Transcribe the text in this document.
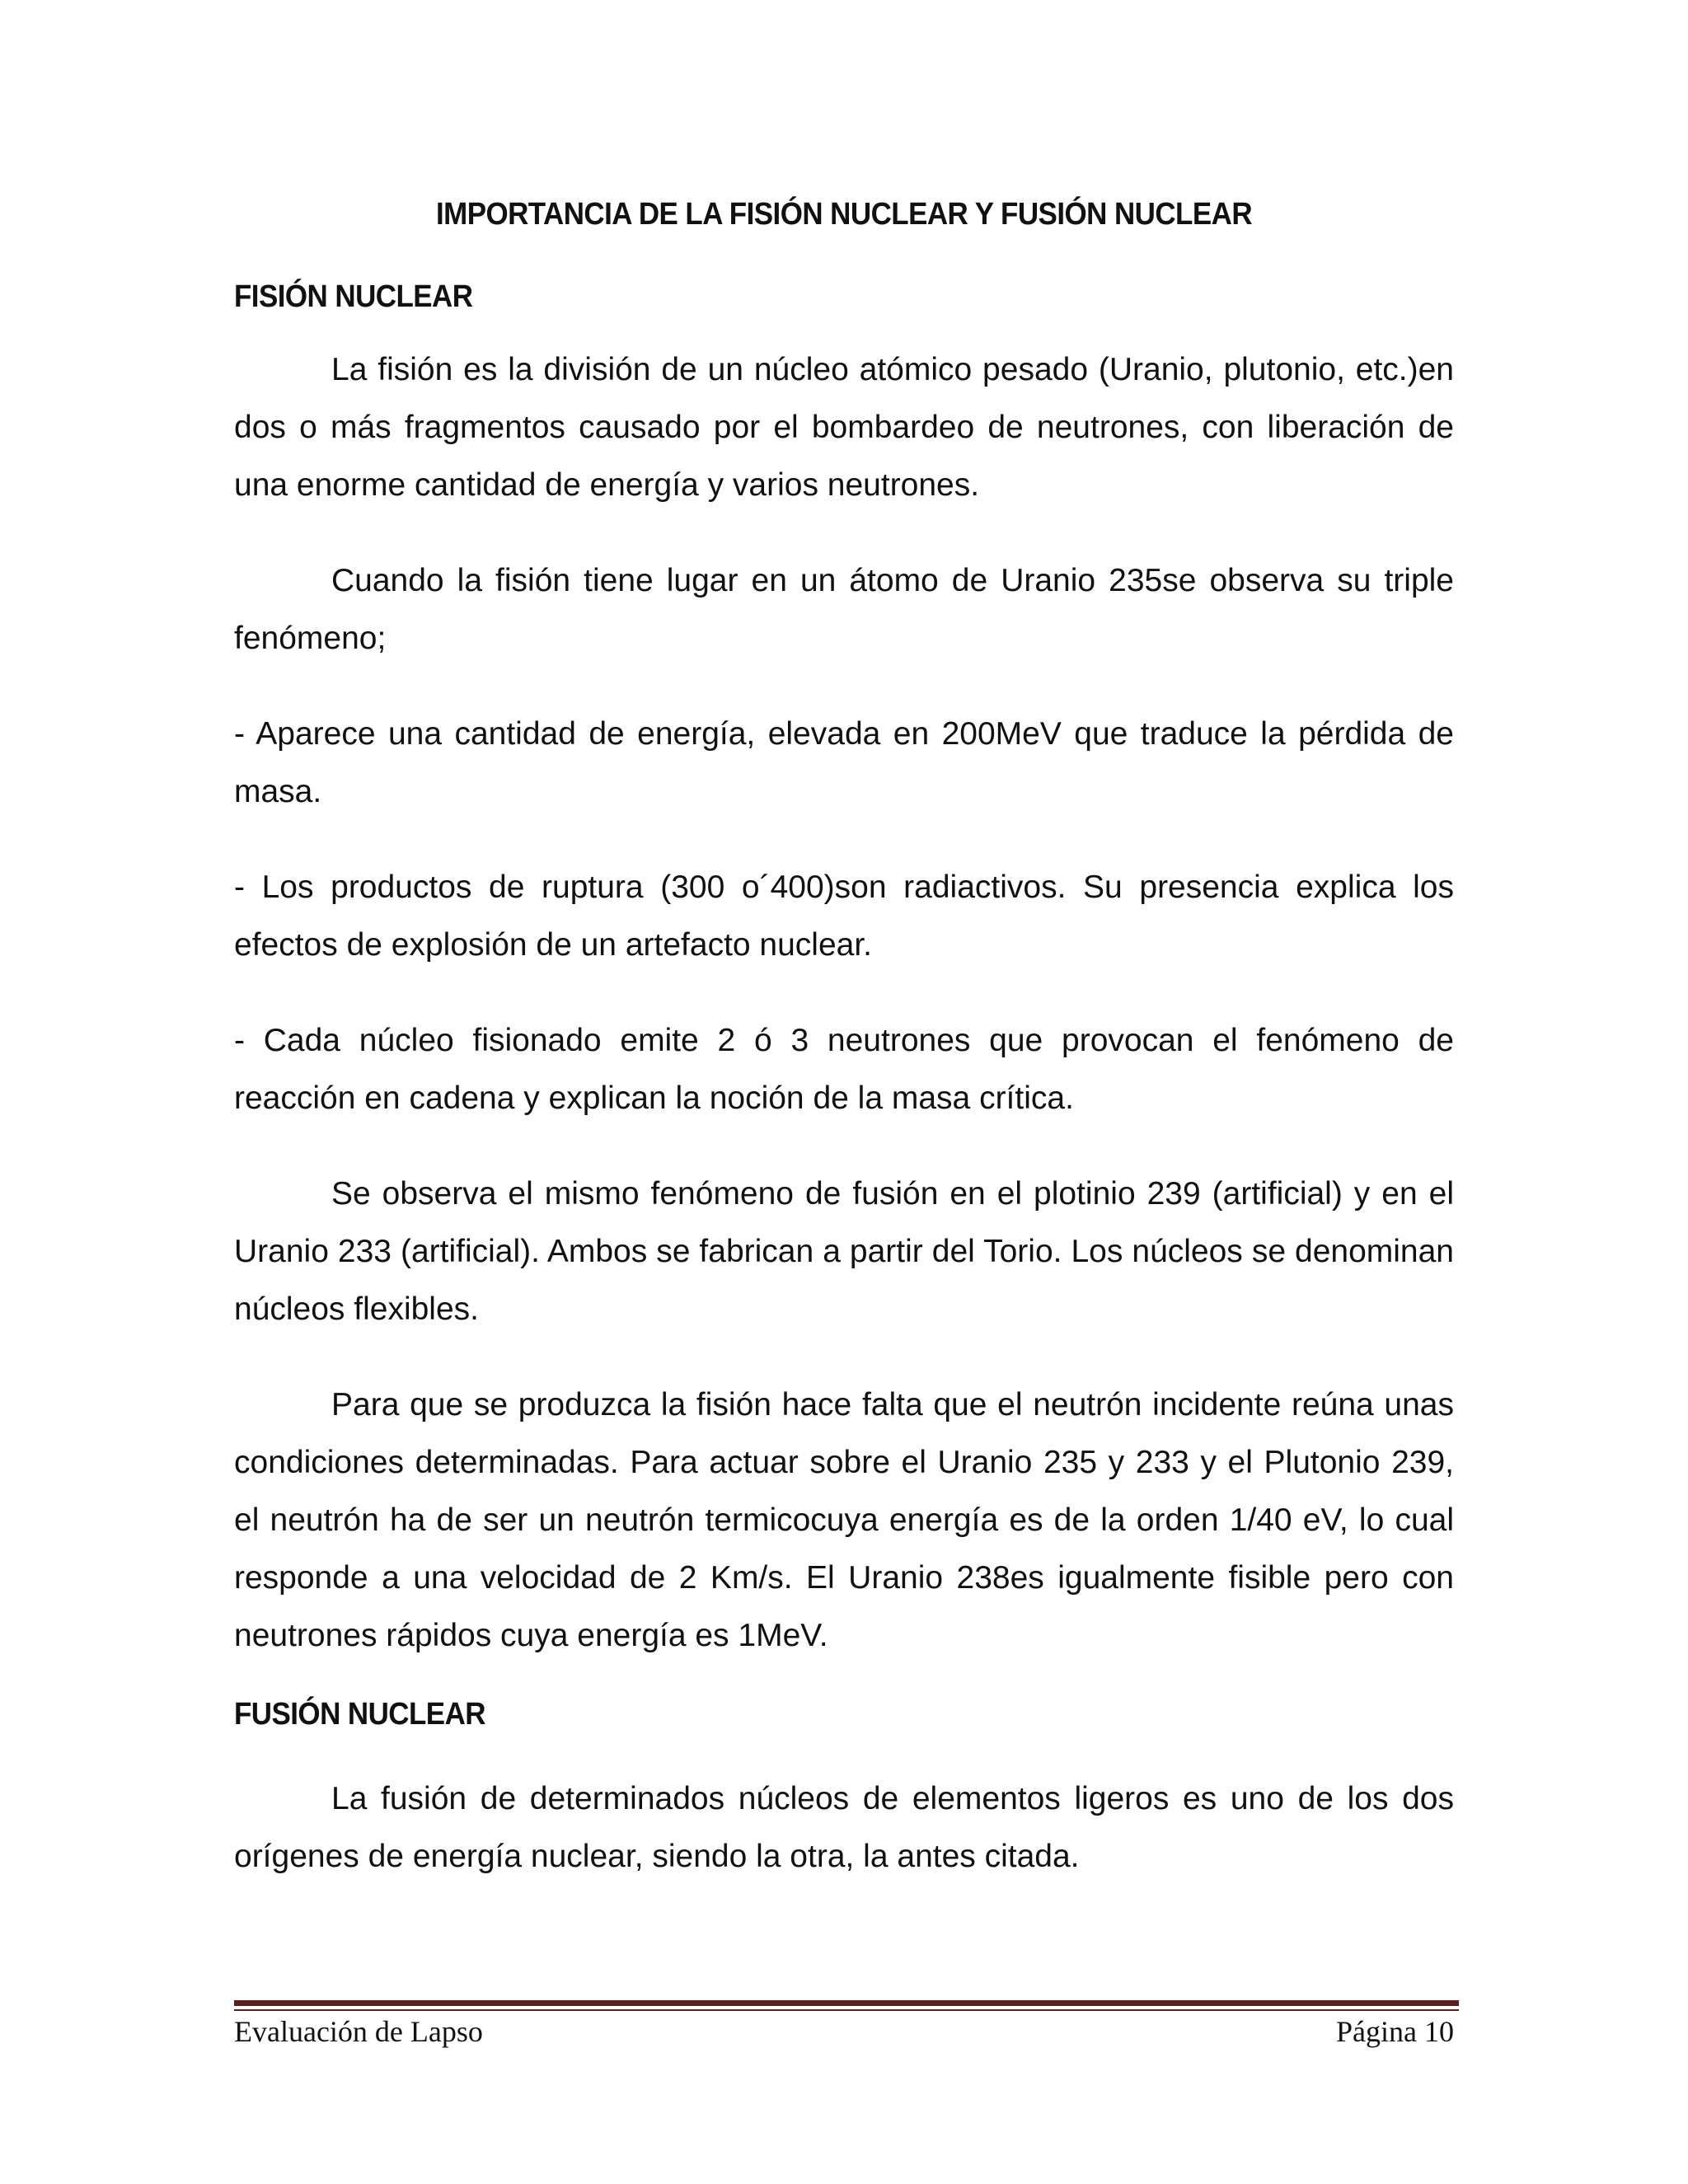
IMPORTANCIA DE LA FISIÓN NUCLEAR Y FUSIÓN NUCLEAR
FISIÓN NUCLEAR

La fisión es la división de un núcleo atómico pesado (Uranio, plutonio, etc.)en dos o más fragmentos causado por el bombardeo de neutrones, con liberación de una enorme cantidad de energía y varios neutrones.

Cuando la fisión tiene lugar en un átomo de Uranio 235se observa su triple fenómeno;

- Aparece una cantidad de energía, elevada en 200MeV que traduce la pérdida de masa.

- Los productos de ruptura (300 o´400)son radiactivos. Su presencia explica los efectos de explosión de un artefacto nuclear.

- Cada núcleo fisionado emite 2 ó 3 neutrones que provocan el fenómeno de reacción en cadena y explican la noción de la masa crítica.

Se observa el mismo fenómeno de fusión en el plotinio 239 (artificial) y en el Uranio 233 (artificial). Ambos se fabrican a partir del Torio. Los núcleos se denominan núcleos flexibles.

Para que se produzca la fisión hace falta que el neutrón incidente reúna unas condiciones determinadas. Para actuar sobre el Uranio 235 y 233 y el Plutonio 239, el neutrón ha de ser un neutrón termicocuya energía es de la orden 1/40 eV, lo cual responde a una velocidad de 2 Km/s. El Uranio 238es igualmente fisible pero con neutrones rápidos cuya energía es 1MeV.

FUSIÓN NUCLEAR

La fusión de determinados núcleos de elementos ligeros es uno de los dos orígenes de energía nuclear, siendo la otra, la antes citada.

Evaluación de Lapso	Página 10
